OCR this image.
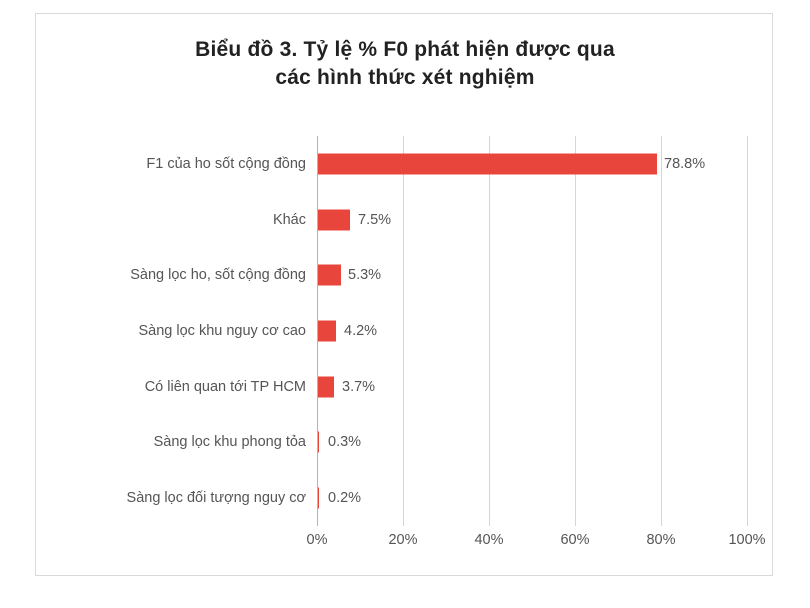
Biểu đồ 3. Tỷ lệ % F0 phát hiện được qua
các hình thức xét nghiệm
F1 của ho sốt cộng đồng	78.8%
Khác	7.5%
Sàng lọc ho, sốt cộng đồng	5.3%
Sàng lọc khu nguy cơ cao	4.2%
Có liên quan tới TP HCM 3.7%
Sàng lọc khu phong tỏa 0.3%
Sàng lọc đối tượng nguy cơ 0.2%
0%	20%	40%	60%	80%	100%
